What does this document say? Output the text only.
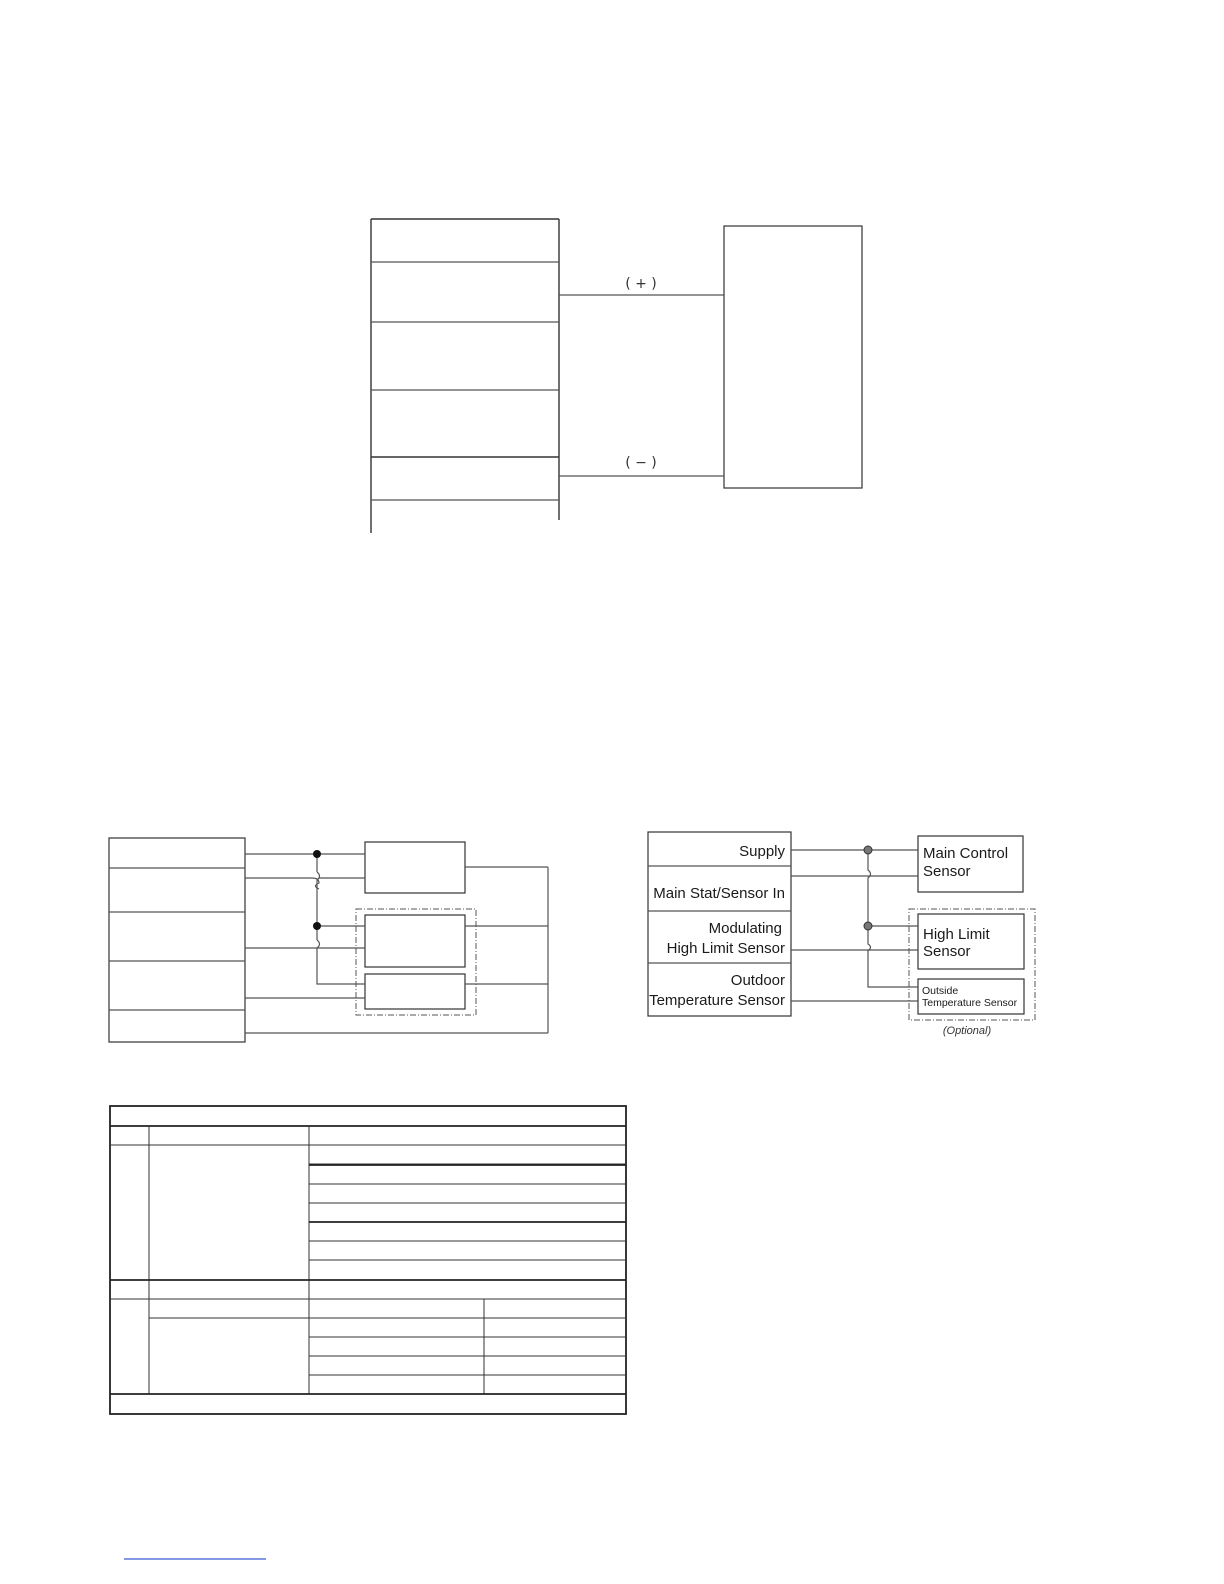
( + )
( − )
Supply
Main Stat/Sensor In
Modulating
High Limit Sensor
Outdoor
Temperature Sensor
Main Control
Sensor
High Limit
Sensor
Outside
Temperature Sensor
(Optional)
